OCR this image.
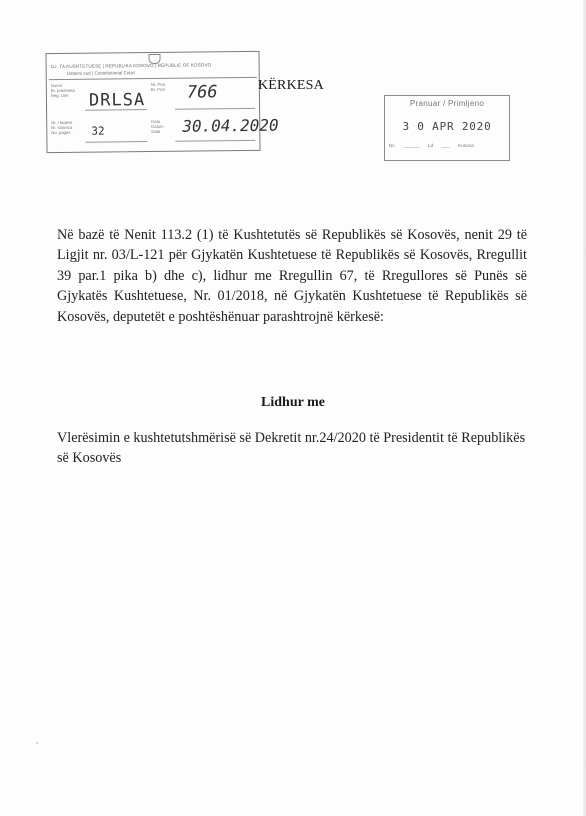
GJ. TA KUSHTETUESE | REPUBLIKA KOSOVO | REPUBLIC OF KOSOVO
Ustavni sud | Constitutional Court
Numri
Br. predmeta
Reg. Unit
Nr. Prot
Br. Prot
Nr. i faqeve
Br. stranica
No. pages
Data
Datum
Date
DRLSA 766
32	30.04.2020
KËRKESA
Pranuar / Primljeno
3 0 APR 2020
Nr. ______ Ld ___ Kosova
Në bazë të Nenit 113.2 (1) të Kushtetutës së Republikës së Kosovës, nenit 29 të Ligjit nr. 03/L-121 për Gjykatën Kushtetuese të Republikës së Kosovës, Rregullit 39 par.1 pika b) dhe c), lidhur me Rregullin 67, të Rregullores së Punës së Gjykatës Kushtetuese, Nr. 01/2018, në Gjykatën Kushtetuese të Republikës së Kosovës, deputetët e poshtëshënuar parashtrojnë kërkesë:
Lidhur me
Vlerësimin e kushtetutshmërisë së Dekretit nr.24/2020 të Presidentit të Republikës së Kosovës
